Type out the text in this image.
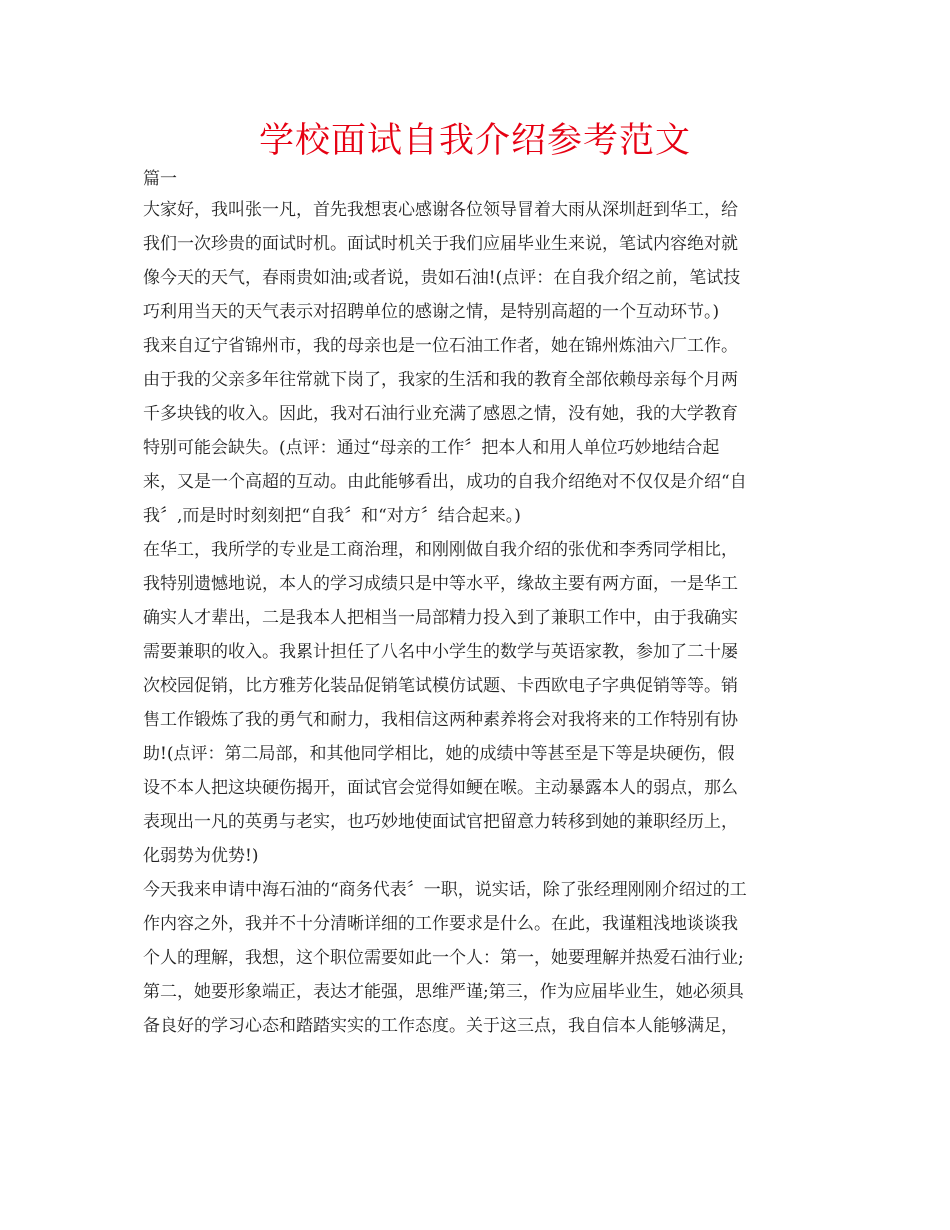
学校面试自我介绍参考范文
篇一
大家好，我叫张一凡，首先我想衷心感谢各位领导冒着大雨从深圳赶到华工，给
我们一次珍贵的面试时机。面试时机关于我们应届毕业生来说，笔试内容绝对就
像今天的天气，春雨贵如油;或者说，贵如石油!(点评：在自我介绍之前，笔试技
巧利用当天的天气表示对招聘单位的感谢之情，是特别高超的一个互动环节。)
我来自辽宁省锦州市，我的母亲也是一位石油工作者，她在锦州炼油六厂工作。
由于我的父亲多年往常就下岗了，我家的生活和我的教育全部依赖母亲每个月两
千多块钱的收入。因此，我对石油行业充满了感恩之情，没有她，我的大学教育
特别可能会缺失。(点评：通过“母亲的工作〞把本人和用人单位巧妙地结合起
来，又是一个高超的互动。由此能够看出，成功的自我介绍绝对不仅仅是介绍“自
我〞,而是时时刻刻把“自我〞和“对方〞结合起来。)
在华工，我所学的专业是工商治理，和刚刚做自我介绍的张优和李秀同学相比，
我特别遗憾地说，本人的学习成绩只是中等水平，缘故主要有两方面，一是华工
确实人才辈出，二是我本人把相当一局部精力投入到了兼职工作中，由于我确实
需要兼职的收入。我累计担任了八名中小学生的数学与英语家教，参加了二十屡
次校园促销，比方雅芳化装品促销笔试模仿试题、卡西欧电子字典促销等等。销
售工作锻炼了我的勇气和耐力，我相信这两种素养将会对我将来的工作特别有协
助!(点评：第二局部，和其他同学相比，她的成绩中等甚至是下等是块硬伤，假
设不本人把这块硬伤揭开，面试官会觉得如鲠在喉。主动暴露本人的弱点，那么
表现出一凡的英勇与老实，也巧妙地使面试官把留意力转移到她的兼职经历上，
化弱势为优势!)
今天我来申请中海石油的“商务代表〞一职，说实话，除了张经理刚刚介绍过的工
作内容之外，我并不十分清晰详细的工作要求是什么。在此，我谨粗浅地谈谈我
个人的理解，我想，这个职位需要如此一个人：第一，她要理解并热爱石油行业;
第二，她要形象端正，表达才能强，思维严谨;第三，作为应届毕业生，她必须具
备良好的学习心态和踏踏实实的工作态度。关于这三点，我自信本人能够满足，
